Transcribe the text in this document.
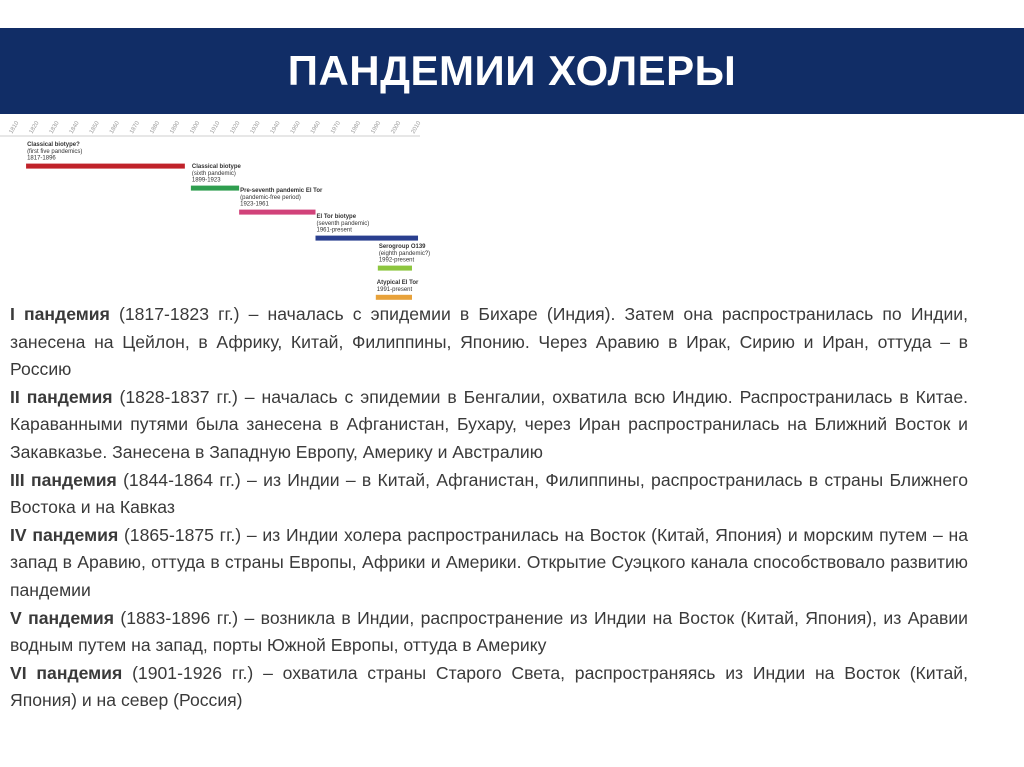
ПАНДЕМИИ ХОЛЕРЫ
1810 1820 1830 1840 1850 1860 1870 1880 1890 1900 1910 1920 1930 1940 1950 1960 1970 1980 1990 2000 2010
Classical biotype?
(first five pandemics)
1817-1896
Classical biotype
(sixth pandemic)
1899-1923
Pre-seventh pandemic El Tor
(pandemic-free period)
1923-1961
El Tor biotype
(seventh pandemic)
1961-present
Serogroup O139
(eighth pandemic?)
1992-present
Atypical El Tor
1991-present

I пандемия (1817-1823 гг.) – началась с эпидемии в Бихаре (Индия). Затем она распространилась по Индии, занесена на Цейлон, в Африку, Китай, Филиппины, Японию. Через Аравию в Ирак, Сирию и Иран, оттуда – в Россию

II пандемия (1828-1837 гг.) – началась с эпидемии в Бенгалии, охватила всю Индию. Распространилась в Китае. Караванными путями была занесена в Афганистан, Бухару, через Иран распространилась на Ближний Восток и Закавказье. Занесена в Западную Европу, Америку и Австралию

III пандемия (1844-1864 гг.) – из Индии – в Китай, Афганистан, Филиппины, распространилась в страны Ближнего Востока и на Кавказ

IV пандемия (1865-1875 гг.) – из Индии холера распространилась на Восток (Китай, Япония) и морским путем – на запад в Аравию, оттуда в страны Европы, Африки и Америки. Открытие Суэцкого канала способствовало развитию пандемии

V пандемия (1883-1896 гг.) – возникла в Индии, распространение из Индии на Восток (Китай, Япония), из Аравии водным путем на запад, порты Южной Европы, оттуда в Америку

VI пандемия (1901-1926 гг.) – охватила страны Старого Света, распространяясь из Индии на Восток (Китай, Япония) и на север (Россия)
